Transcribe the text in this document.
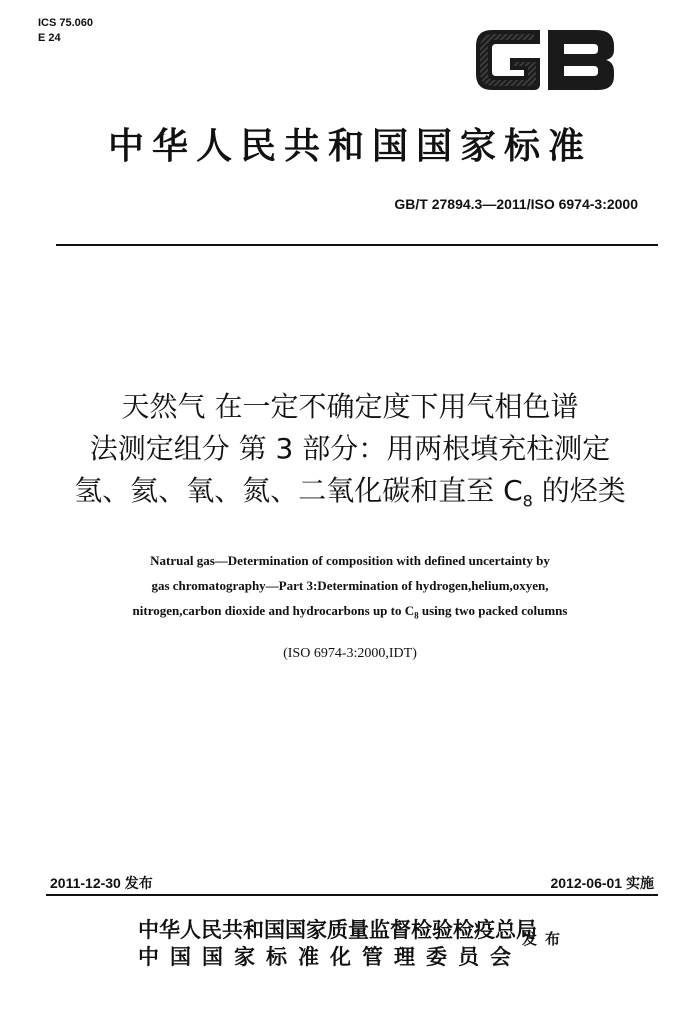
ICS 75.060
E 24
GB
中华人民共和国国家标准
GB/T 27894.3—2011/ISO 6974-3:2000
天然气 在一定不确定度下用气相色谱
法测定组分 第 3 部分：用两根填充柱测定
氢、氦、氧、氮、二氧化碳和直至 $C_8$ 的烃类
Natrual gas—Determination of composition with defined uncertainty by
gas chromatography—Part 3:Determination of hydrogen,helium,oxyen,
nitrogen,carbon dioxide and hydrocarbons up to $C_8$ using two packed columns
(ISO 6974-3:2000,IDT)
2011-12-30 发布	2012-06-01 实施
中华人民共和国国家质量监督检验检疫总局
中国国家标准化管理委员会
发布
